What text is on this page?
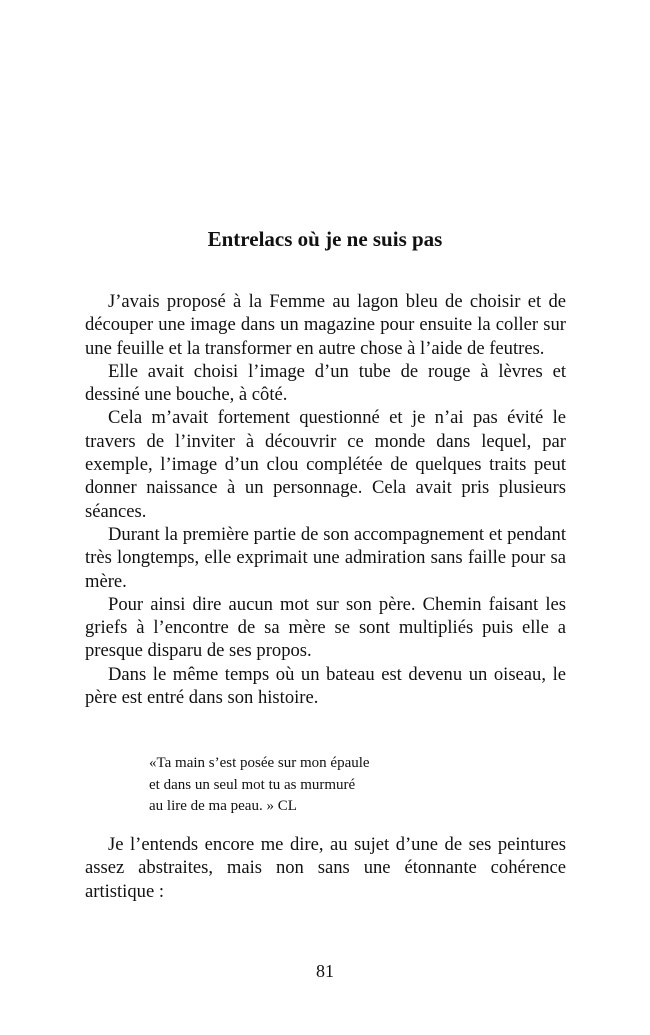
Entrelacs où je ne suis pas

J’avais proposé à la Femme au lagon bleu de choisir et de découper une image dans un magazine pour ensuite la coller sur une feuille et la transformer en autre chose à l’aide de feutres.

Elle avait choisi l’image d’un tube de rouge à lèvres et dessiné une bouche, à côté.

Cela m’avait fortement questionné et je n’ai pas évité le travers de l’inviter à découvrir ce monde dans lequel, par exemple, l’image d’un clou complétée de quelques traits peut donner naissance à un personnage. Cela avait pris plusieurs séances.

Durant la première partie de son accompagnement et pendant très longtemps, elle exprimait une admiration sans faille pour sa mère.

Pour ainsi dire aucun mot sur son père. Chemin faisant les griefs à l’encontre de sa mère se sont multipliés puis elle a presque disparu de ses propos.

Dans le même temps où un bateau est devenu un oiseau, le père est entré dans son histoire.

«Ta main s’est posée sur mon épaule
et dans un seul mot tu as murmuré
au lire de ma peau. » CL

Je l’entends encore me dire, au sujet d’une de ses peintures assez abstraites, mais non sans une étonnante cohérence artistique :

81
